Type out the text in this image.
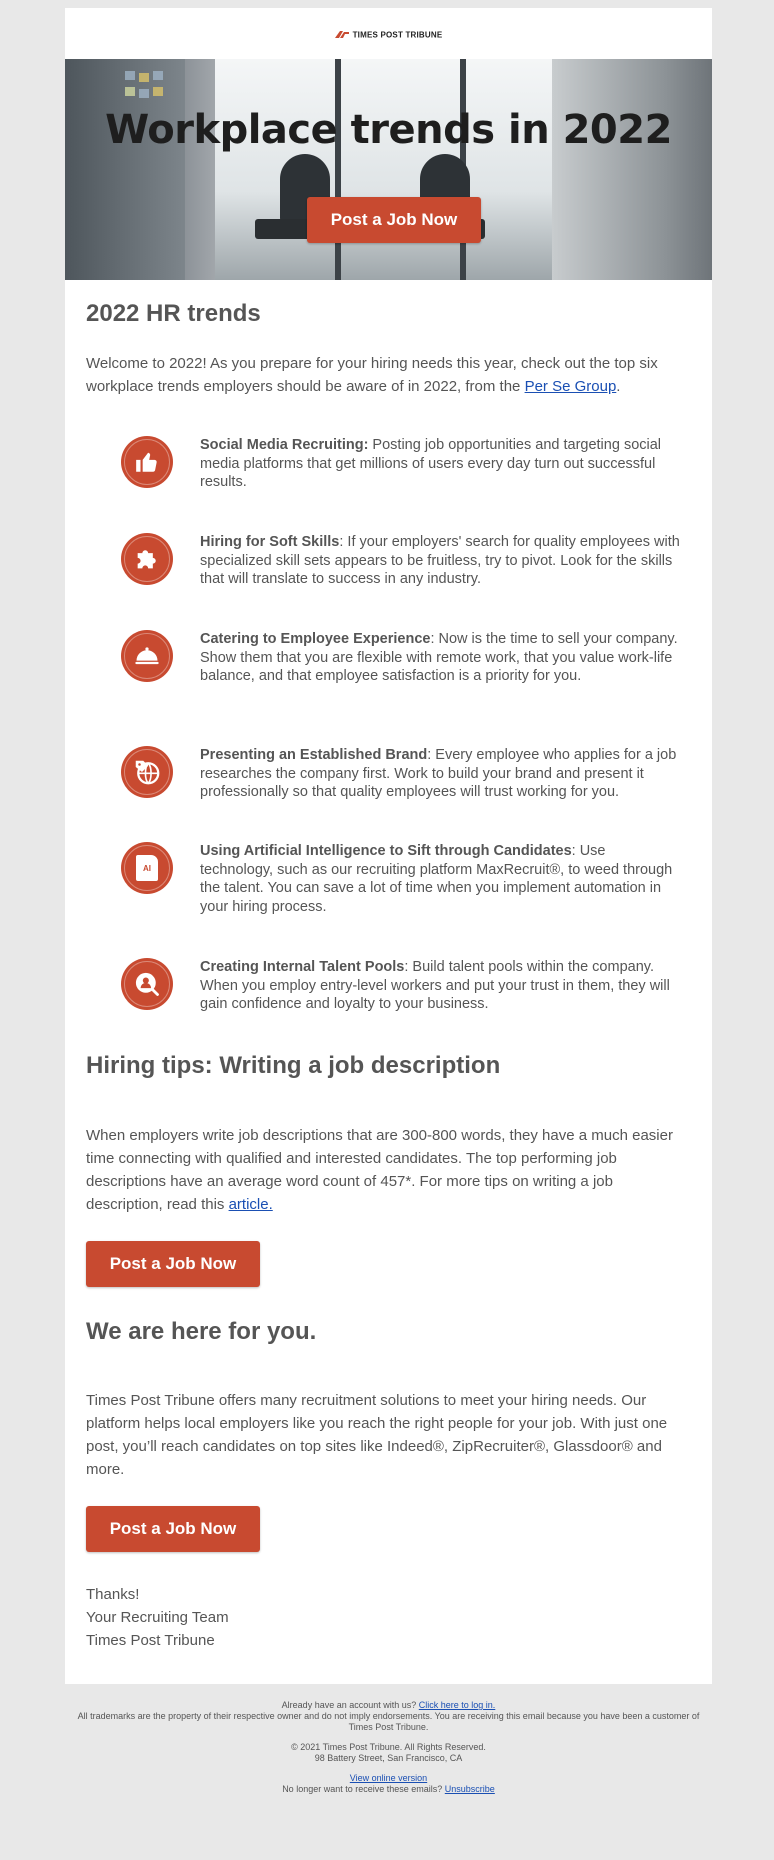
TIMES POST TRIBUNE
Workplace trends in 2022
Post a Job Now
2022 HR trends
Welcome to 2022! As you prepare for your hiring needs this year, check out the top six workplace trends employers should be aware of in 2022, from the Per Se Group.
Social Media Recruiting: Posting job opportunities and targeting social media platforms that get millions of users every day turn out successful results.
Hiring for Soft Skills: If your employers' search for quality employees with specialized skill sets appears to be fruitless, try to pivot. Look for the skills that will translate to success in any industry.
Catering to Employee Experience: Now is the time to sell your company. Show them that you are flexible with remote work, that you value work-life balance, and that employee satisfaction is a priority for you.
Presenting an Established Brand: Every employee who applies for a job researches the company first. Work to build your brand and present it professionally so that quality employees will trust working for you.
AI
Using Artificial Intelligence to Sift through Candidates: Use technology, such as our recruiting platform MaxRecruit®, to weed through the talent. You can save a lot of time when you implement automation in your hiring process.
Creating Internal Talent Pools: Build talent pools within the company. When you employ entry-level workers and put your trust in them, they will gain confidence and loyalty to your business.
Hiring tips: Writing a job description
When employers write job descriptions that are 300-800 words, they have a much easier time connecting with qualified and interested candidates. The top performing job descriptions have an average word count of 457*. For more tips on writing a job description, read this article.
Post a Job Now
We are here for you.
Times Post Tribune offers many recruitment solutions to meet your hiring needs. Our platform helps local employers like you reach the right people for your job. With just one post, you’ll reach candidates on top sites like Indeed®, ZipRecruiter®, Glassdoor® and more.
Post a Job Now
Thanks!
Your Recruiting Team
Times Post Tribune

Already have an account with us? Click here to log in.

All trademarks are the property of their respective owner and do not imply endorsements. You are receiving this email because you have been a customer of Times Post Tribune.

© 2021 Times Post Tribune. All Rights Reserved.

98 Battery Street, San Francisco, CA

View online version

No longer want to receive these emails? Unsubscribe
